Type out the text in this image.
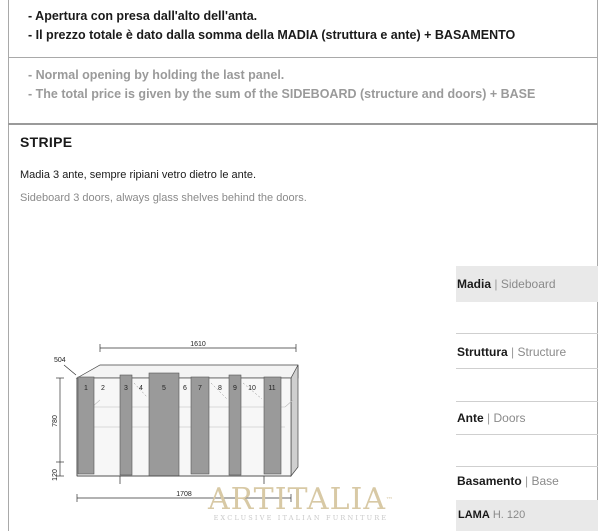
- Apertura con presa dall'alto dell'anta.
- Il prezzo totale è dato dalla somma della MADIA (struttura e ante) + BASAMENTO
- Normal opening by holding the last panel.
- The total price is given by the sum of the SIDEBOARD (structure and doors) + BASE
STRIPE
Madia 3 ante, sempre ripiani vetro dietro le ante.
Sideboard 3 doors, always glass shelves behind the doors.
1610
504
1 2	3 4	5 6 7 8 9 10 11
780
120
1708
Madia | Sideboard
Struttura | Structure
Ante | Doors
Basamento | Base
LAMA H. 120
ARTITALIA™
EXCLUSIVE ITALIAN FURNITURE
